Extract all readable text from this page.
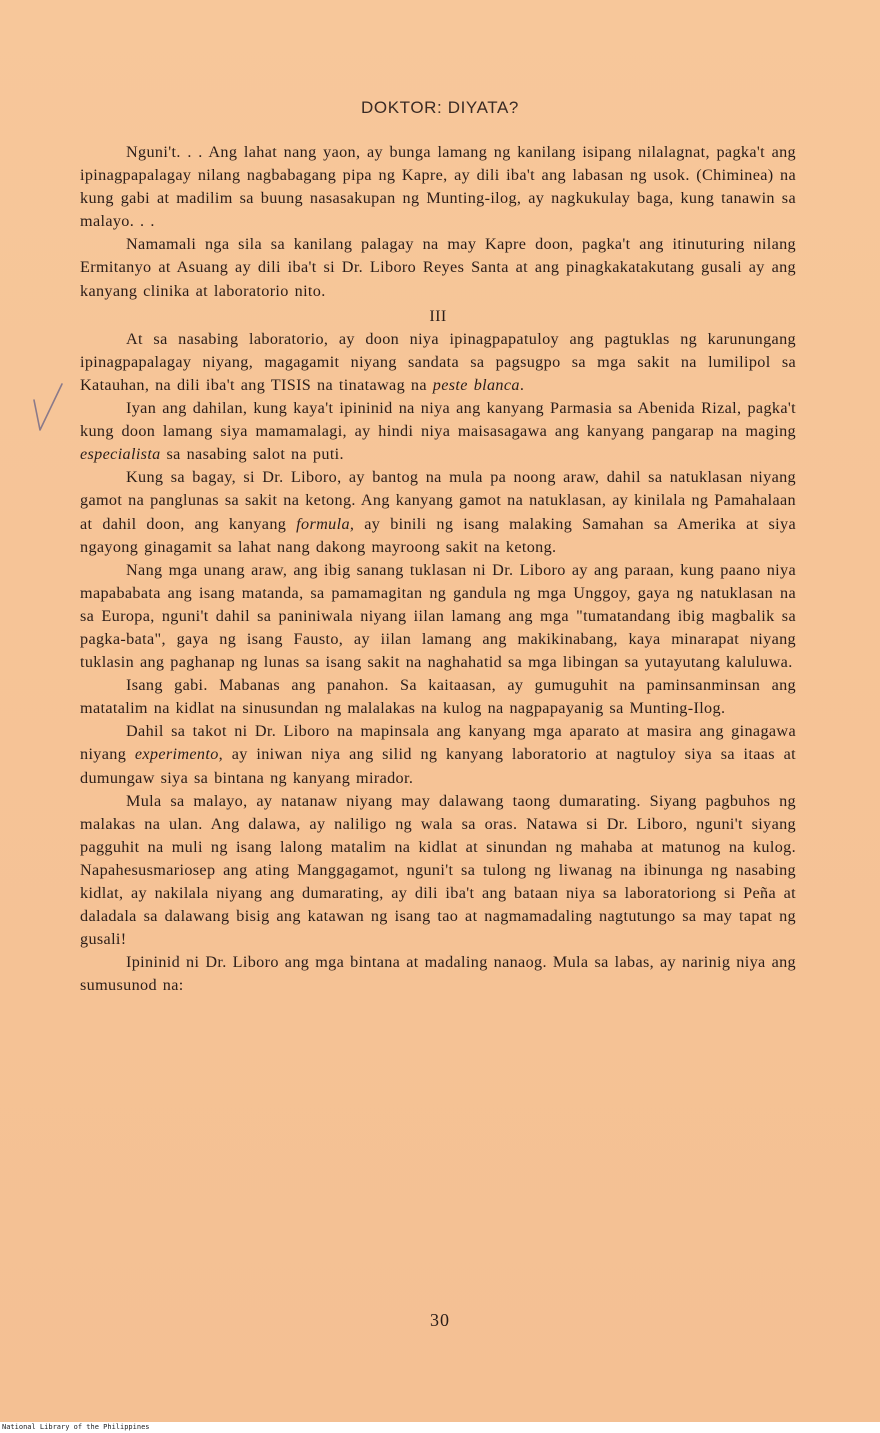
DOKTOR: DIYATA?

Nguni't. . . Ang lahat nang yaon, ay bunga lamang ng kanilang isipang nilalagnat, pagka't ang ipinagpapalagay nilang nagbabagang pipa ng Kapre, ay dili iba't ang labasan ng usok. (Chiminea) na kung gabi at madilim sa buung nasasakupan ng Munting-ilog, ay nagkukulay baga, kung tanawin sa malayo. . .

Namamali nga sila sa kanilang palagay na may Kapre doon, pagka't ang itinuturing nilang Ermitanyo at Asuang ay dili iba't si Dr. Liboro Reyes Santa at ang pinagkakatakutang gusali ay ang kanyang clinika at laboratorio nito.

III

At sa nasabing laboratorio, ay doon niya ipinagpapatuloy ang pagtuklas ng karunungang ipinagpapalagay niyang, magagamit niyang sandata sa pagsugpo sa mga sakit na lumilipol sa Katauhan, na dili iba't ang TISIS na tinatawag na peste blanca.

Iyan ang dahilan, kung kaya't ipininid na niya ang kanyang Parmasia sa Abenida Rizal, pagka't kung doon lamang siya mamamalagi, ay hindi niya maisasagawa ang kanyang pangarap na maging especialista sa nasabing salot na puti.

Kung sa bagay, si Dr. Liboro, ay bantog na mula pa noong araw, dahil sa natuklasan niyang gamot na panglunas sa sakit na ketong. Ang kanyang gamot na natuklasan, ay kinilala ng Pamahalaan at dahil doon, ang kanyang formula, ay binili ng isang malaking Samahan sa Amerika at siya ngayong ginagamit sa lahat nang dakong mayroong sakit na ketong.

Nang mga unang araw, ang ibig sanang tuklasan ni Dr. Liboro ay ang paraan, kung paano niya mapababata ang isang matanda, sa pamamagitan ng gandula ng mga Unggoy, gaya ng natuklasan na sa Europa, nguni't dahil sa paniniwala niyang iilan lamang ang mga "tumatandang ibig magbalik sa pagka-bata", gaya ng isang Fausto, ay iilan lamang ang makikinabang, kaya minarapat niyang tuklasin ang paghanap ng lunas sa isang sakit na naghahatid sa mga libingan sa yutayutang kaluluwa.

Isang gabi. Mabanas ang panahon. Sa kaitaasan, ay gumuguhit na paminsanminsan ang matatalim na kidlat na sinusundan ng malalakas na kulog na nagpapayanig sa Munting-Ilog.

Dahil sa takot ni Dr. Liboro na mapinsala ang kanyang mga aparato at masira ang ginagawa niyang experimento, ay iniwan niya ang silid ng kanyang laboratorio at nagtuloy siya sa itaas at dumungaw siya sa bintana ng kanyang mirador.

Mula sa malayo, ay natanaw niyang may dalawang taong dumarating. Siyang pagbuhos ng malakas na ulan. Ang dalawa, ay naliligo ng wala sa oras. Natawa si Dr. Liboro, nguni't siyang pagguhit na muli ng isang lalong matalim na kidlat at sinundan ng mahaba at matunog na kulog. Napahesusmariosep ang ating Manggagamot, nguni't sa tulong ng liwanag na ibinunga ng nasabing kidlat, ay nakilala niyang ang dumarating, ay dili iba't ang bataan niya sa laboratoriong si Peña at daladala sa dalawang bisig ang katawan ng isang tao at nagmamadaling nagtutungo sa may tapat ng gusali!

Ipininid ni Dr. Liboro ang mga bintana at madaling nanaog. Mula sa labas, ay narinig niya ang sumusunod na:

30
National Library of the Philippines
